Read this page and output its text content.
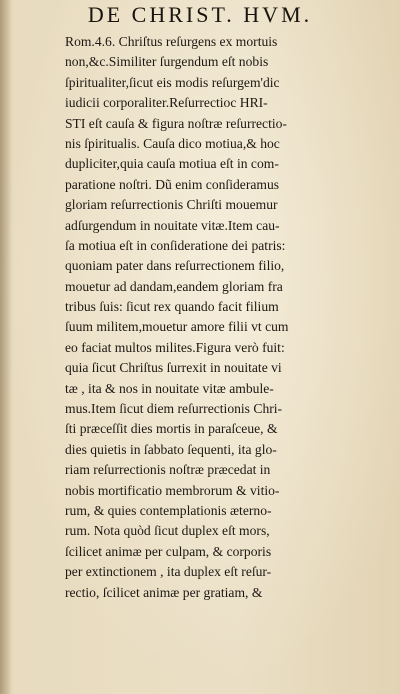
DE CHRIST. HVM.
Rom.4.6. Chriſtus reſurgens ex mortuis
non,&c.Similiter ſurgendum eſt nobis
ſpiritualiter,ſicut eis modis reſurgem'dic
iudicii corporaliter.Reſurrectioc HRI-
STI eſt cauſa & figura noſtræ reſurrectio-
nis ſpiritualis. Cauſa dico motiua,& hoc
dupliciter,quia cauſa motiua eſt in com-
paratione noſtri. Dũ enim conſideramus
gloriam reſurrectionis Chriſti mouemur
adſurgendum in nouitate vitæ.Item cau-
ſa motiua eſt in conſideratione dei patris:
quoniam pater dans reſurrectionem filio,
mouetur ad dandam,eandem gloriam fra
tribus ſuis: ſicut rex quando facit filium
ſuum militem,mouetur amore filii vt cum
eo faciat multos milites.Figura verò fuit:
quia ſicut Chriſtus ſurrexit in nouitate vi
tæ , ita & nos in nouitate vitæ ambule-
mus.Item ſicut diem reſurrectionis Chri-
ſti præceſſit dies mortis in paraſceue, &
dies quietis in ſabbato ſequenti, ita glo-
riam reſurrectionis noſtræ præcedat in
nobis mortificatio membrorum & vitio-
rum, & quies contemplationis æterno-
rum. Nota quòd ſicut duplex eſt mors,
ſcilicet animæ per culpam, & corporis
per extinctionem , ita duplex eſt reſur-
rectio, ſcilicet animæ per gratiam, &
